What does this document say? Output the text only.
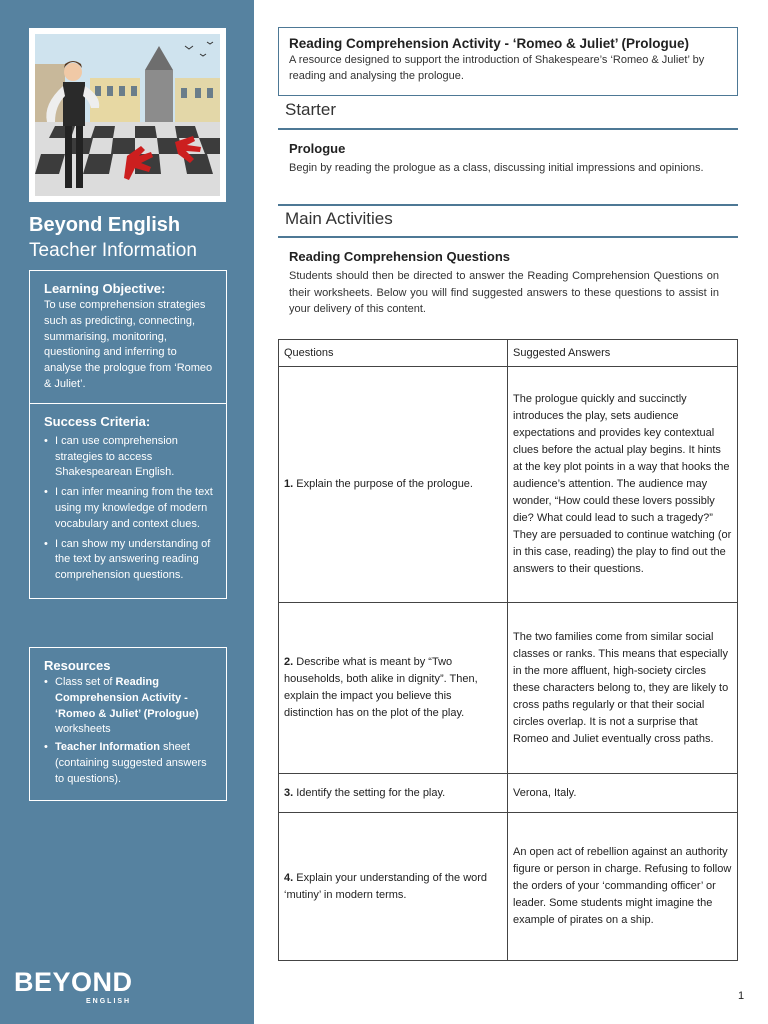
Beyond English
Teacher Information
Learning Objective:

To use comprehension strategies such as predicting, connecting, summarising, monitoring, questioning and inferring to analyse the prologue from ‘Romeo & Juliet’.

Success Criteria:
• I can use comprehension strategies to access Shakespearean English.
• I can infer meaning from the text using my knowledge of modern vocabulary and context clues.
• I can show my understanding of the text by answering reading comprehension questions.
Resources
• Class set of Reading Comprehension Activity - ‘Romeo & Juliet’ (Prologue) worksheets
• Teacher Information sheet (containing suggested answers to questions).
BEYOND
ENGLISH
Reading Comprehension Activity - ‘Romeo & Juliet’ (Prologue)

A resource designed to support the introduction of Shakespeare’s ‘Romeo & Juliet’ by reading and analysing the prologue.

Starter
Prologue

Begin by reading the prologue as a class, discussing initial impressions and opinions.

Main Activities
Reading Comprehension Questions

Students should then be directed to answer the Reading Comprehension Questions on their worksheets. Below you will find suggested answers to these questions to assist in your delivery of this content.

Questions	Suggested Answers
1. Explain the purpose of the prologue.	The prologue quickly and succinctly introduces the play, sets audience expectations and provides key contextual clues before the actual play begins. It hints at the key plot points in a way that hooks the audience’s attention. The audience may wonder, “How could these lovers possibly die? What could lead to such a tragedy?” They are persuaded to continue watching (or in this case, reading) the play to find out the answers to their questions.
2. Describe what is meant by “Two households, both alike in dignity”. Then, explain the impact you believe this distinction has on the plot of the play.	The two families come from similar social classes or ranks. This means that especially in the more affluent, high-society circles these characters belong to, they are likely to cross paths regularly or that their social circles overlap. It is not a surprise that Romeo and Juliet eventually cross paths.
3. Identify the setting for the play.	Verona, Italy.
4. Explain your understanding of the word ‘mutiny’ in modern terms.	An open act of rebellion against an authority figure or person in charge. Refusing to follow the orders of your ‘commanding officer’ or leader. Some students might imagine the example of pirates on a ship.
1
